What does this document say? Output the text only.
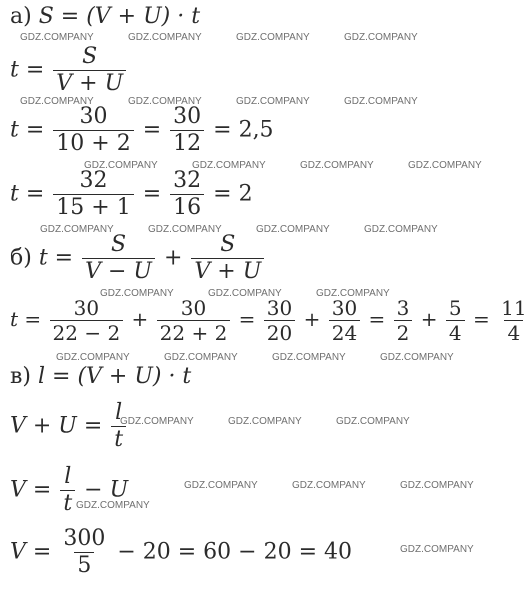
а) S = (V + U) · t
$t = \frac{S}{V + U}$
$t = \frac{30}{10 + 2} = \frac{30}{12} = 2,5$
$t = \frac{32}{15 + 1} = \frac{32}{16} = 2$
б) $t = \frac{S}{V - U} + \frac{S}{V + U}$
$t = \frac{30}{22 - 2} + \frac{30}{22 + 2} = \frac{30}{20} + \frac{30}{24} = \frac{3}{2} + \frac{5}{4} = \frac{11}{4}$
в) l = (V + U) · t
$V + U = \frac{l}{t}$
$V = \frac{l}{t} - U$
$V = \frac{300}{5} - 20 = 60 - 20 = 40$
GDZ.COMPANY	GDZ.COMPANY	GDZ.COMPANY	GDZ.COMPANY
GDZ.COMPANY	GDZ.COMPANY	GDZ.COMPANY	GDZ.COMPANY
GDZ.COMPANY	GDZ.COMPANY	GDZ.COMPANY	GDZ.COMPANY
GDZ.COMPANY	GDZ.COMPANY	GDZ.COMPANY	GDZ.COMPANY
GDZ.COMPANY	GDZ.COMPANY	GDZ.COMPANY
GDZ.COMPANY	GDZ.COMPANY	GDZ.COMPANY	GDZ.COMPANY
GDZ.COMPANY	GDZ.COMPANY	GDZ.COMPANY
GDZ.COMPANY	GDZ.COMPANY	GDZ.COMPANY
GDZ.COMPANY
GDZ.COMPANY
